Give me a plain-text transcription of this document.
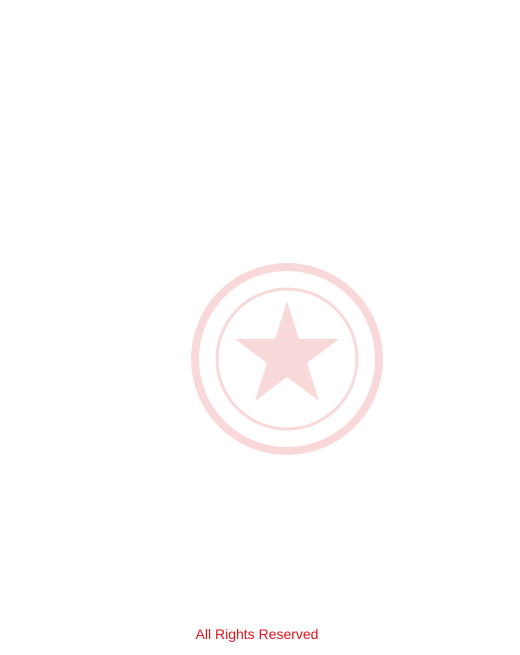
All Rights Reserved
